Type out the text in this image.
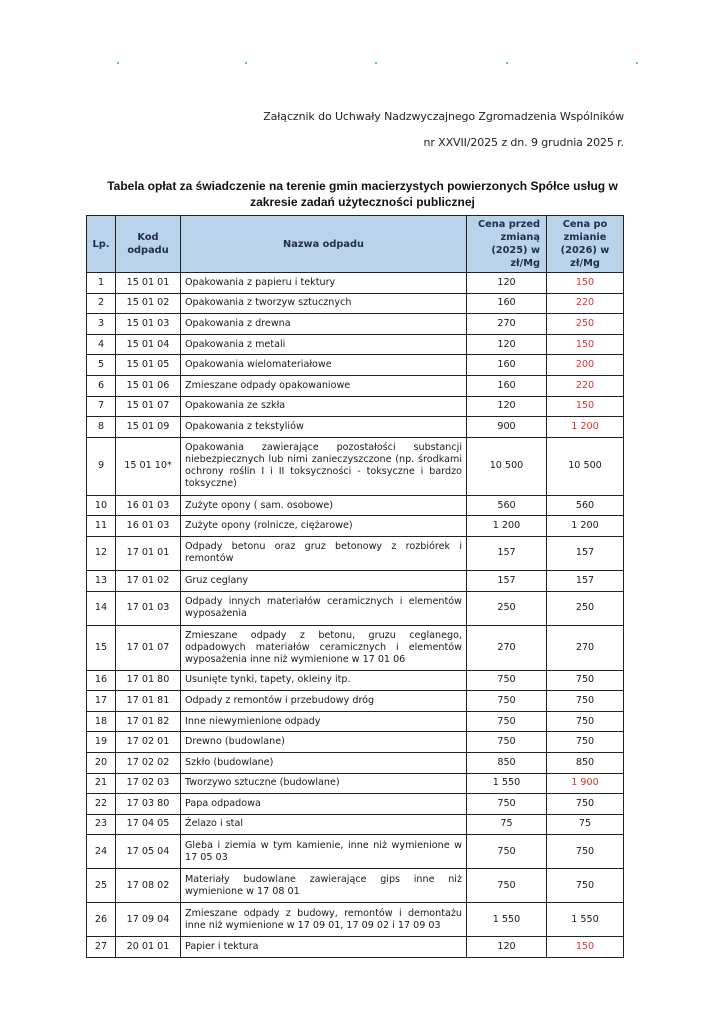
Załącznik do Uchwały Nadzwyczajnego Zgromadzenia Wspólników
nr XXVII/2025 z dn. 9 grudnia 2025 r.
Tabela opłat za świadczenie na terenie gmin macierzystych powierzonych Spółce usług w
zakresie zadań użyteczności publicznej
Lp.	Kod odpadu	Nazwa odpadu	Cena przed zmianą (2025) w zł/Mg	Cena po zmianie (2026) w zł/Mg
1	15 01 01	Opakowania z papieru i tektury	120	150
2	15 01 02	Opakowania z tworzyw sztucznych	160	220
3	15 01 03	Opakowania z drewna	270	250
4	15 01 04	Opakowania z metali	120	150
5	15 01 05	Opakowania wielomateriałowe	160	200
6	15 01 06	Zmieszane odpady opakowaniowe	160	220
7	15 01 07	Opakowania ze szkła	120	150
8	15 01 09	Opakowania z tekstyliów	900	1 200
9	15 01 10*	Opakowania zawierające pozostałości substancji niebezpiecznych lub nimi zanieczyszczone (np. środkami ochrony roślin I i II toksyczności - toksyczne i bardzo toksyczne)	10 500	10 500
10	16 01 03	Zużyte opony ( sam. osobowe)	560	560
11	16 01 03	Zużyte opony (rolnicze, ciężarowe)	1 200	1 200
12	17 01 01	Odpady betonu oraz gruz betonowy z rozbiórek i remontów	157	157
13	17 01 02	Gruz ceglany	157	157
14	17 01 03	Odpady innych materiałów ceramicznych i elementów wyposażenia	250	250
15	17 01 07	Zmieszane odpady z betonu, gruzu ceglanego, odpadowych materiałów ceramicznych i elementów wyposażenia inne niż wymienione w 17 01 06	270	270
16	17 01 80	Usunięte tynki, tapety, okleiny itp.	750	750
17	17 01 81	Odpady z remontów i przebudowy dróg	750	750
18	17 01 82	Inne niewymienione odpady	750	750
19	17 02 01	Drewno (budowlane)	750	750
20	17 02 02	Szkło (budowlane)	850	850
21	17 02 03	Tworzywo sztuczne (budowlane)	1 550	1 900
22	17 03 80	Papa odpadowa	750	750
23	17 04 05	Żelazo i stal	75	75
24	17 05 04	Gleba i ziemia w tym kamienie, inne niż wymienione w 17 05 03	750	750
25	17 08 02	Materiały budowlane zawierające gips inne niż wymienione w 17 08 01	750	750
26	17 09 04	Zmieszane odpady z budowy, remontów i demontażu inne niż wymienione w 17 09 01, 17 09 02 i 17 09 03	1 550	1 550
27	20 01 01	Papier i tektura	120	150
